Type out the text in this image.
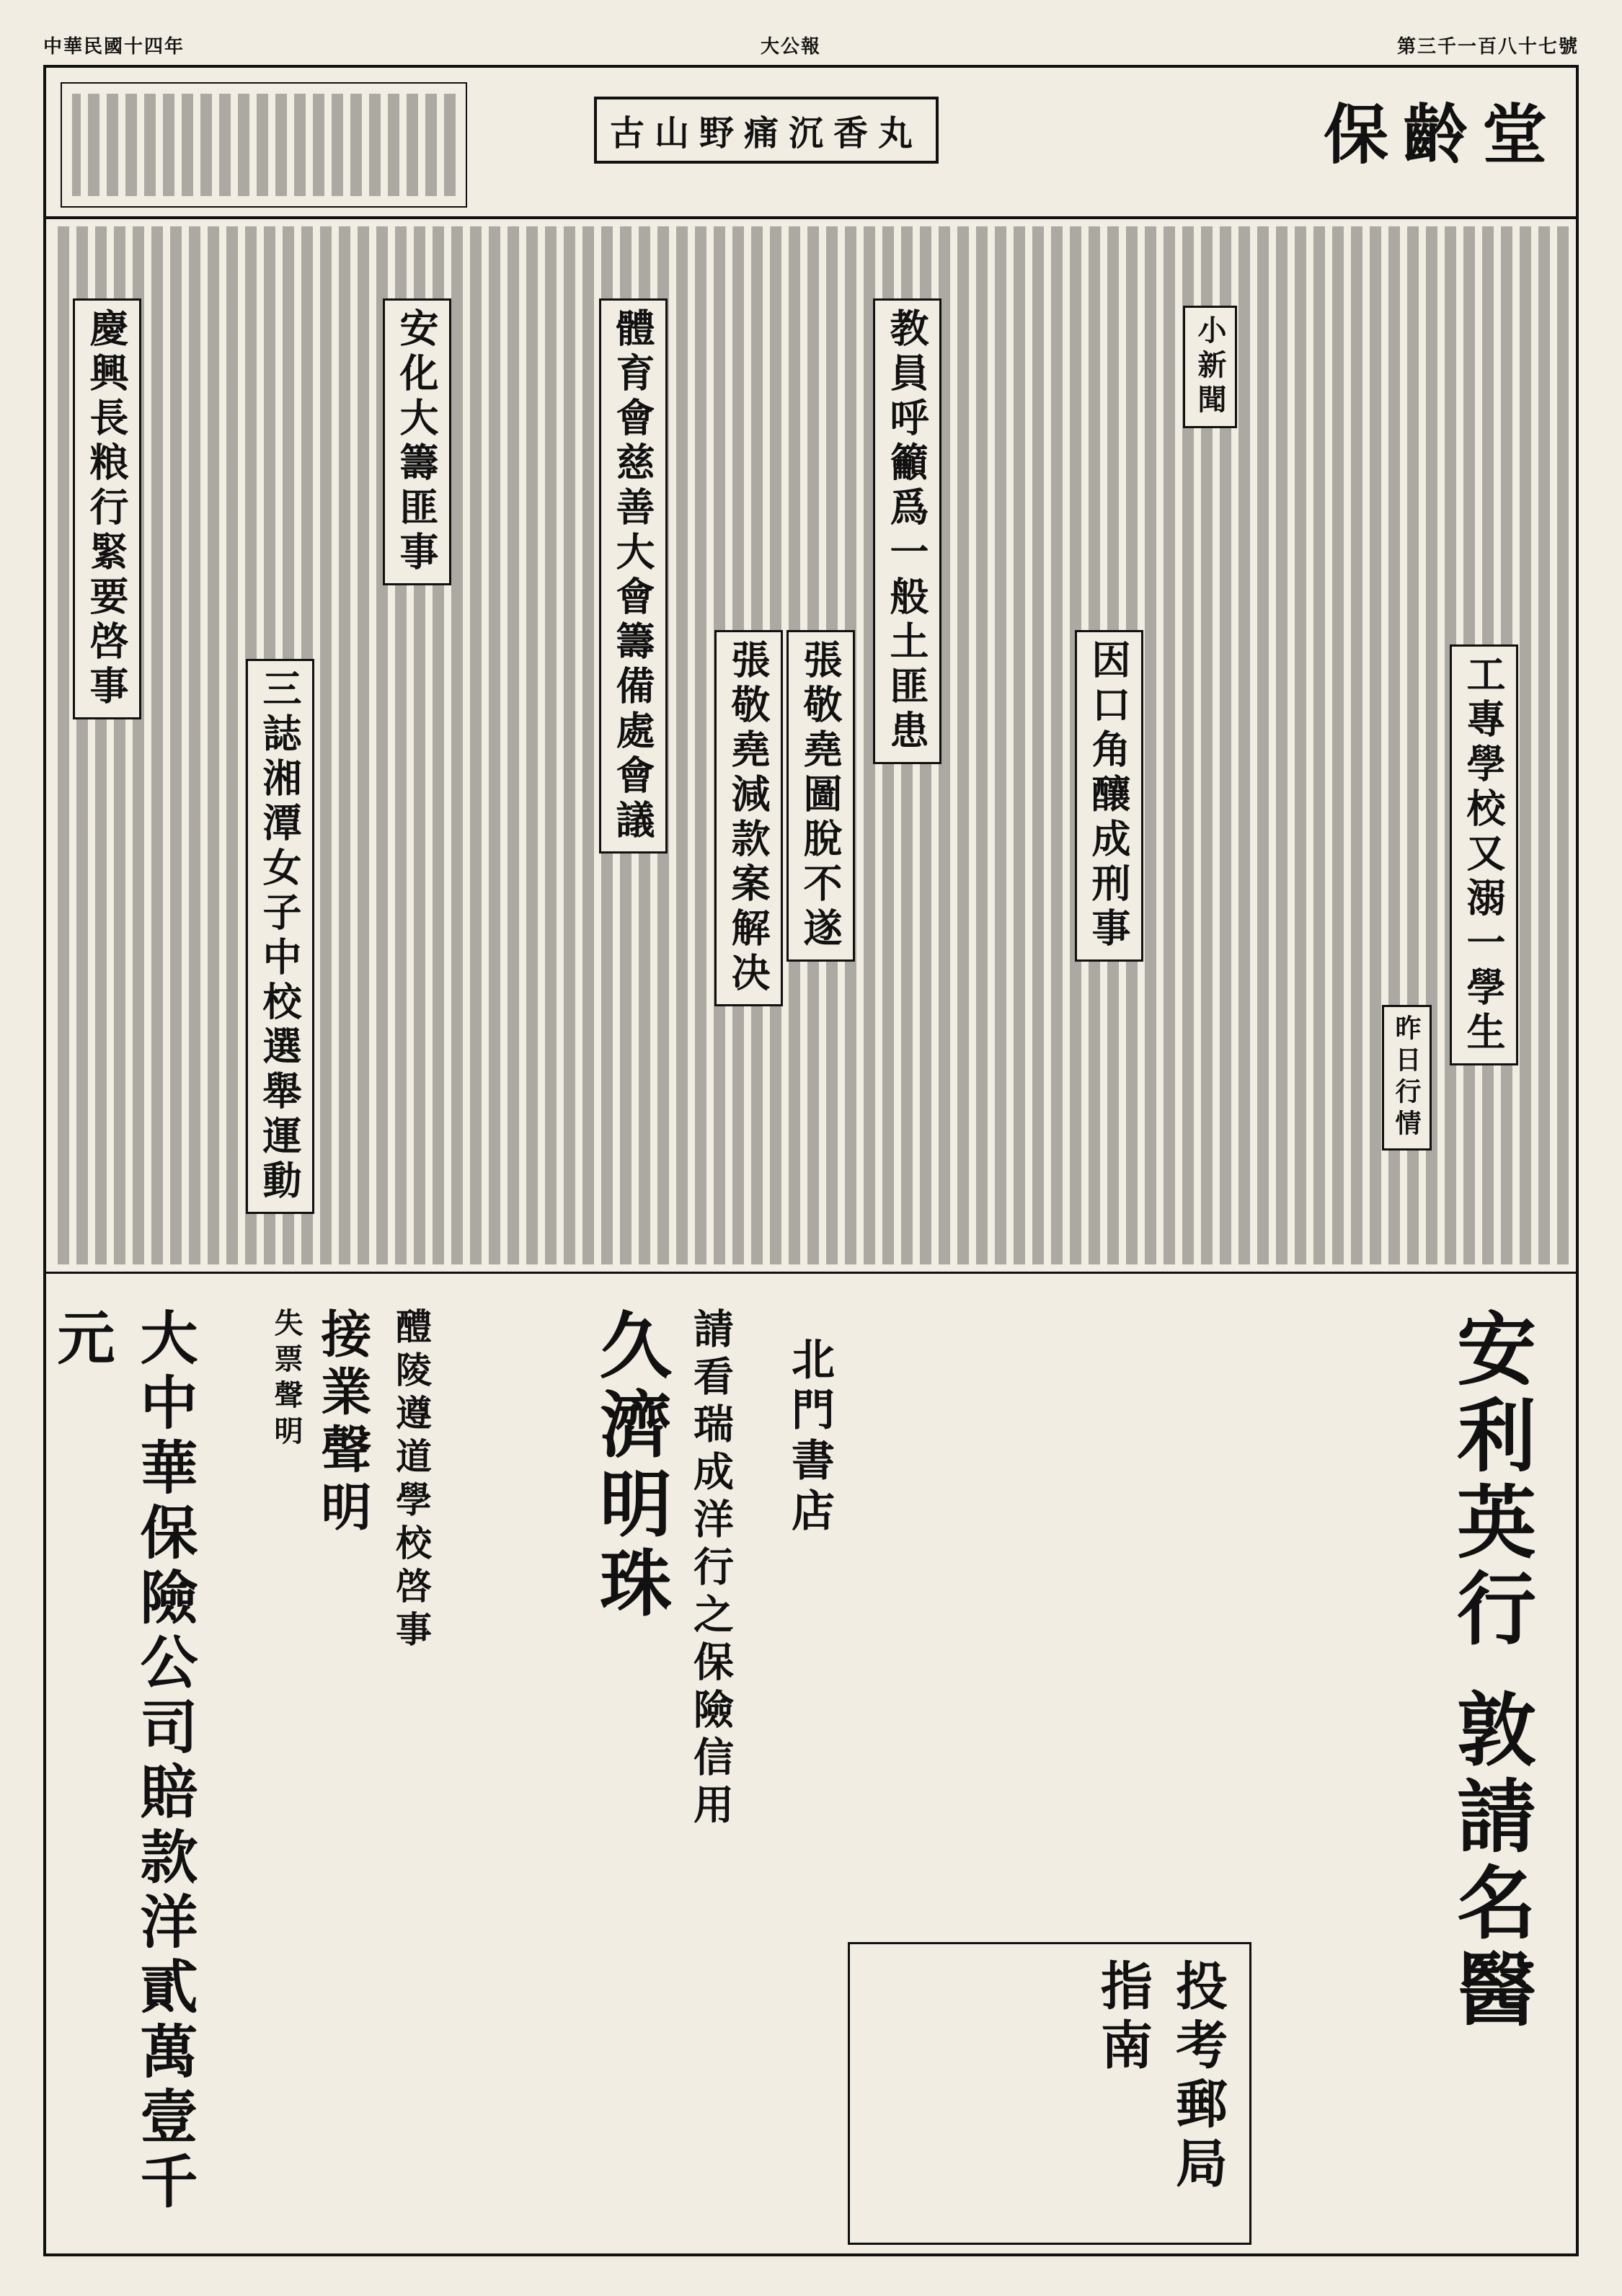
中華民國十四年	大公報	第三千一百八十七號
保齡堂
古山野痛沉香丸
慶興長粮行緊要啓事	安化大籌匪事	體育會慈善大會籌備處會議	教員呼籲爲一般土匪患
三誌湘潭女子中校選舉運動	張敬堯減款案解决 張敬堯圖脫不遂	因口角釀成刑事	工專學校又溺一學生
小新聞
昨日行情
安利英行 敦請名醫
請看瑞成洋行之保險信用
久濟明珠	北門書店
醴陵遵道學校啓事
接業聲明
失票聲明
大中華保險公司賠款洋貳萬壹千元
投考郵局指南
